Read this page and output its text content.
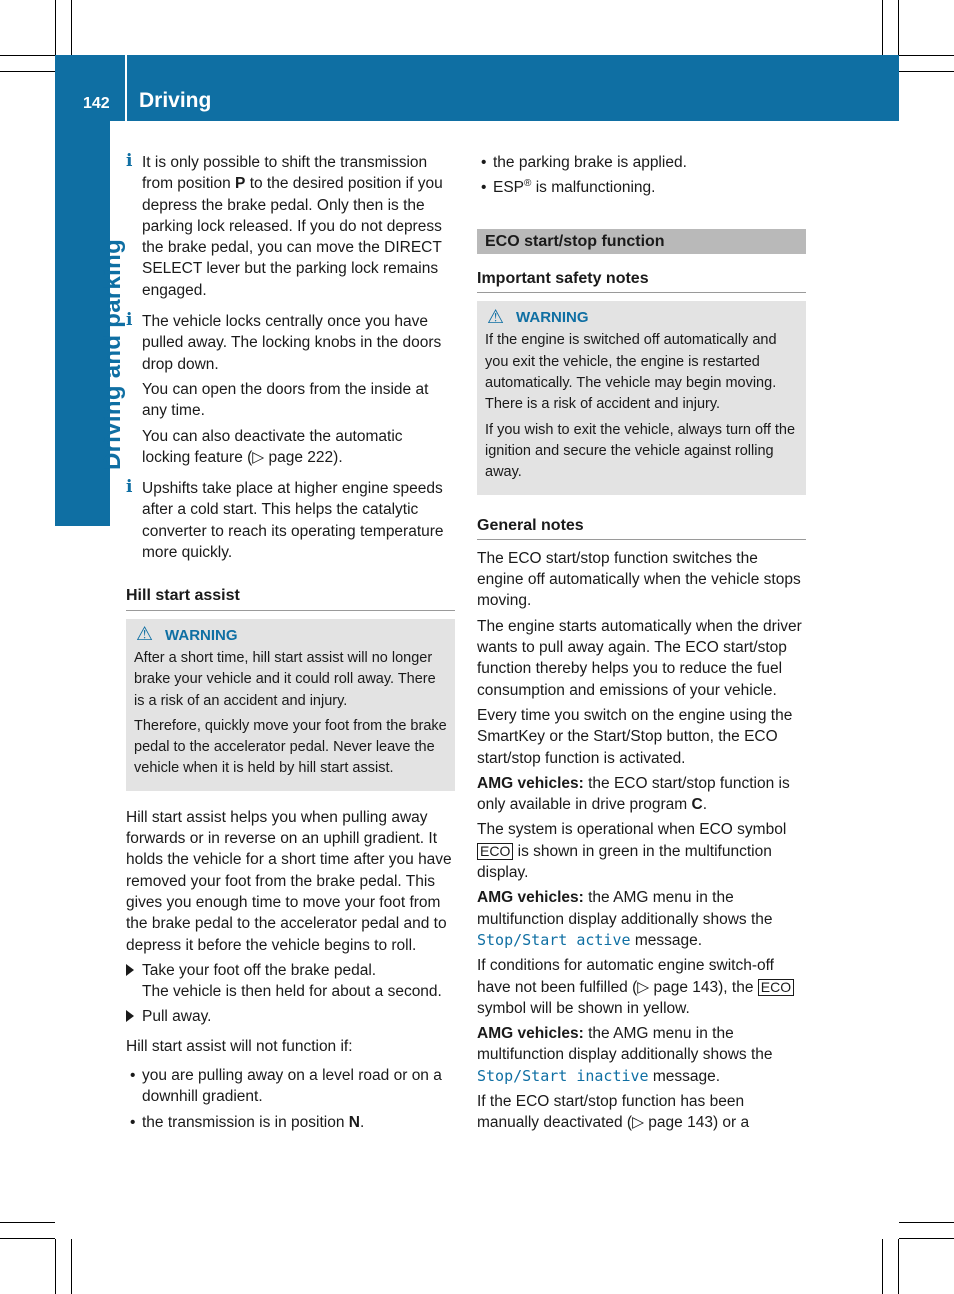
142 Driving
Driving and parking
i It is only possible to shift the transmission from position P to the desired position if you depress the brake pedal. Only then is the parking lock released. If you do not depress the brake pedal, you can move the DIRECT SELECT lever but the parking lock remains engaged.

i The vehicle locks centrally once you have pulled away. The locking knobs in the doors drop down.

You can open the doors from the inside at any time.

You can also deactivate the automatic locking feature (▷ page 222).

i Upshifts take place at higher engine speeds after a cold start. This helps the catalytic converter to reach its operating temperature more quickly.

Hill start assist
⚠ WARNING

After a short time, hill start assist will no longer brake your vehicle and it could roll away. There is a risk of an accident and injury.

Therefore, quickly move your foot from the brake pedal to the accelerator pedal. Never leave the vehicle when it is held by hill start assist.

Hill start assist helps you when pulling away forwards or in reverse on an uphill gradient. It holds the vehicle for a short time after you have removed your foot from the brake pedal. This gives you enough time to move your foot from the brake pedal to the accelerator pedal and to depress it before the vehicle begins to roll.

Take your foot off the brake pedal.
The vehicle is then held for about a second.
Pull away.

Hill start assist will not function if:

• you are pulling away on a level road or on a downhill gradient.
• the transmission is in position N.
• the parking brake is applied.
• ESP® is malfunctioning.
ECO start/stop function
Important safety notes
⚠ WARNING

If the engine is switched off automatically and you exit the vehicle, the engine is restarted automatically. The vehicle may begin moving. There is a risk of accident and injury.

If you wish to exit the vehicle, always turn off the ignition and secure the vehicle against rolling away.

General notes

The ECO start/stop function switches the engine off automatically when the vehicle stops moving.

The engine starts automatically when the driver wants to pull away again. The ECO start/stop function thereby helps you to reduce the fuel consumption and emissions of your vehicle.

Every time you switch on the engine using the SmartKey or the Start/Stop button, the ECO start/stop function is activated.

AMG vehicles: the ECO start/stop function is only available in drive program C.

The system is operational when ECO symbol ECO is shown in green in the multifunction display.

AMG vehicles: the AMG menu in the multifunction display additionally shows the Stop/Start active message.

If conditions for automatic engine switch-off have not been fulfilled (▷ page 143), the ECO symbol will be shown in yellow.

AMG vehicles: the AMG menu in the multifunction display additionally shows the Stop/Start inactive message.

If the ECO start/stop function has been manually deactivated (▷ page 143) or a
